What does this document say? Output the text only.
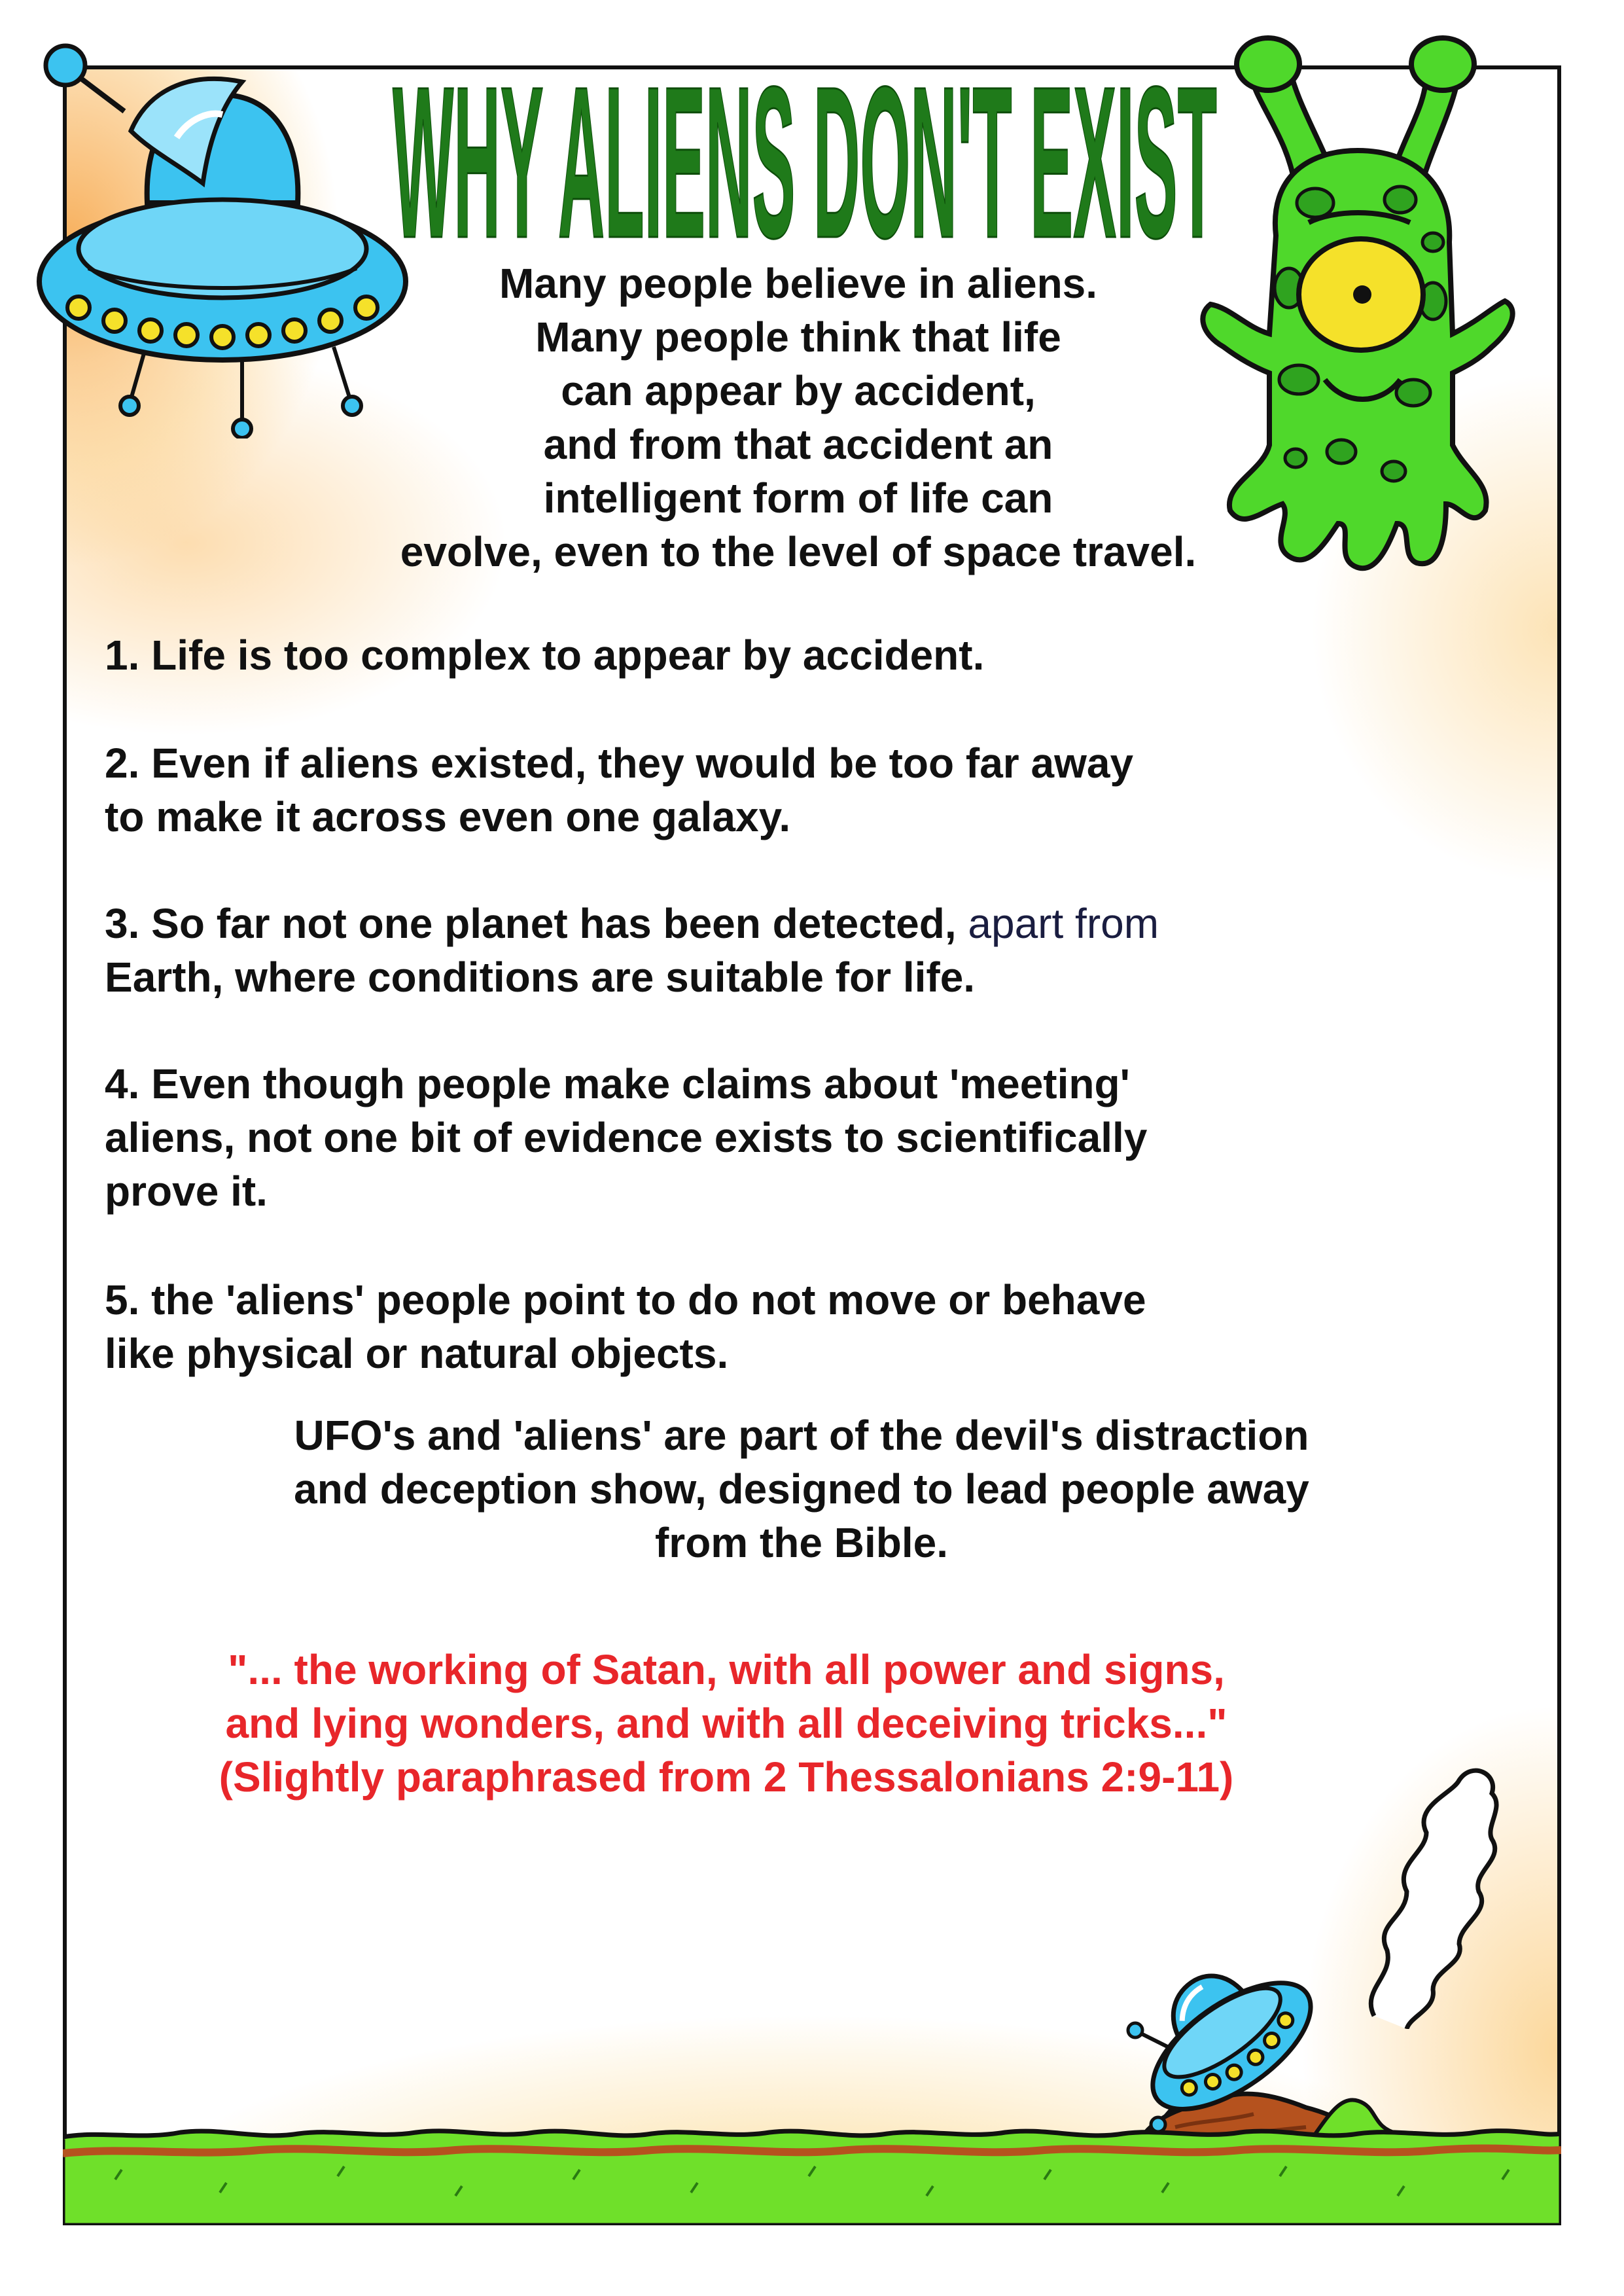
WHY ALIENS DON'T EXIST
Many people believe in aliens.
Many people think that life
can appear by accident,
and from that accident an
intelligent form of life can
evolve, even to the level of space travel.
1. Life is too complex to appear by accident.
2. Even if aliens existed, they would be too far away
to make it across even one galaxy.
3. So far not one planet has been detected, apart from
Earth, where conditions are suitable for life.
4. Even though people make claims about 'meeting'
aliens, not one bit of evidence exists to scientifically
prove it.
5. the 'aliens' people point to do not move or behave
like physical or natural objects.
UFO's and 'aliens' are part of the devil's distraction
and deception show, designed to lead people away
from the Bible.
"... the working of Satan, with all power and signs,
and lying wonders, and with all deceiving tricks..."
(Slightly paraphrased from 2 Thessalonians 2:9-11)
